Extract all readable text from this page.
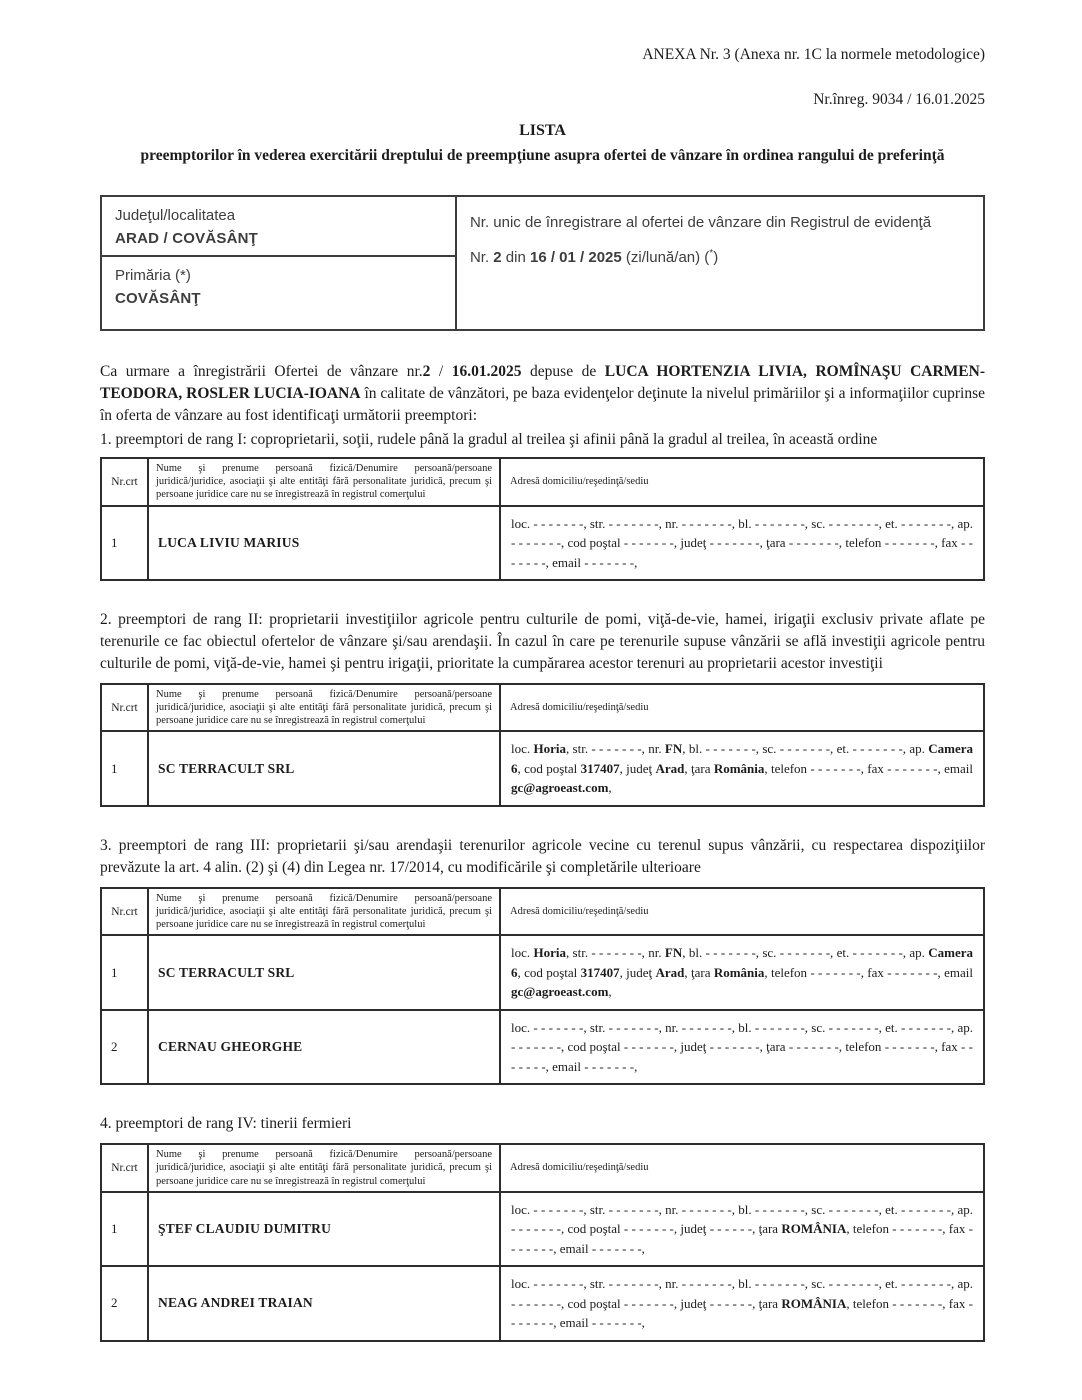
ANEXA Nr. 3 (Anexa nr. 1C la normele metodologice)

Nr.înreg. 9034 / 16.01.2025

LISTA

preemptorilor în vederea exercitării dreptului de preempţiune asupra ofertei de vânzare în ordinea rangului de preferinţă

Judeţul/localitatea
ARAD / COVĂSÂNŢ

Nr. unic de înregistrare al ofertei de vânzare din Registrul de evidenţă

Nr. 2 din 16 / 01 / 2025 (zi/lună/an) (*)

Primăria (*)
COVĂSÂNŢ

Ca urmare a înregistrării Ofertei de vânzare nr.2 / 16.01.2025 depuse de LUCA HORTENZIA LIVIA, ROMÎNAŞU CARMEN-TEODORA, ROSLER LUCIA-IOANA în calitate de vânzători, pe baza evidenţelor deţinute la nivelul primăriilor şi a informaţiilor cuprinse în oferta de vânzare au fost identificaţi următorii preemptori:

1. preemptori de rang I: coproprietarii, soţii, rudele până la gradul al treilea şi afinii până la gradul al treilea, în această ordine

Nr.crt	Nume şi prenume persoană fizică/Denumire persoană/persoane juridică/juridice, asociaţii şi alte entităţi fără personalitate juridică, precum şi persoane juridice care nu se înregistrează în registrul comerţului	Adresă domiciliu/reşedinţă/sediu
1	LUCA LIVIU MARIUS	loc. - - - - - - -, str. - - - - - - -, nr. - - - - - - -, bl. - - - - - - -, sc. - - - - - - -, et. - - - - - - -, ap. - - - - - - -, cod poştal - - - - - - -, judeţ - - - - - - -, ţara - - - - - - -, telefon - - - - - - -, fax - - - - - - -, email - - - - - - -,

2. preemptori de rang II: proprietarii investiţiilor agricole pentru culturile de pomi, viţă-de-vie, hamei, irigaţii exclusiv private aflate pe terenurile ce fac obiectul ofertelor de vânzare şi/sau arendaşii. În cazul în care pe terenurile supuse vânzării se află investiţii agricole pentru culturile de pomi, viţă-de-vie, hamei şi pentru irigaţii, prioritate la cumpărarea acestor terenuri au proprietarii acestor investiţii

Nr.crt	Nume şi prenume persoană fizică/Denumire persoană/persoane juridică/juridice, asociaţii şi alte entităţi fără personalitate juridică, precum şi persoane juridice care nu se înregistrează în registrul comerţului	Adresă domiciliu/reşedinţă/sediu
1	SC TERRACULT SRL	loc. Horia, str. - - - - - - -, nr. FN, bl. - - - - - - -, sc. - - - - - - -, et. - - - - - - -, ap. Camera 6, cod poştal 317407, judeţ Arad, ţara România, telefon - - - - - - -, fax - - - - - - -, email gc@agroeast.com,

3. preemptori de rang III: proprietarii şi/sau arendaşii terenurilor agricole vecine cu terenul supus vânzării, cu respectarea dispoziţiilor prevăzute la art. 4 alin. (2) şi (4) din Legea nr. 17/2014, cu modificările şi completările ulterioare

Nr.crt	Nume şi prenume persoană fizică/Denumire persoană/persoane juridică/juridice, asociaţii şi alte entităţi fără personalitate juridică, precum şi persoane juridice care nu se înregistrează în registrul comerţului	Adresă domiciliu/reşedinţă/sediu
1	SC TERRACULT SRL	loc. Horia, str. - - - - - - -, nr. FN, bl. - - - - - - -, sc. - - - - - - -, et. - - - - - - -, ap. Camera 6, cod poştal 317407, judeţ Arad, ţara România, telefon - - - - - - -, fax - - - - - - -, email gc@agroeast.com,
2	CERNAU GHEORGHE	loc. - - - - - - -, str. - - - - - - -, nr. - - - - - - -, bl. - - - - - - -, sc. - - - - - - -, et. - - - - - - -, ap. - - - - - - -, cod poştal - - - - - - -, judeţ - - - - - - -, ţara - - - - - - -, telefon - - - - - - -, fax - - - - - - -, email - - - - - - -,

4. preemptori de rang IV: tinerii fermieri

Nr.crt	Nume şi prenume persoană fizică/Denumire persoană/persoane juridică/juridice, asociaţii şi alte entităţi fără personalitate juridică, precum şi persoane juridice care nu se înregistrează în registrul comerţului	Adresă domiciliu/reşedinţă/sediu
1	ŞTEF CLAUDIU DUMITRU	loc. - - - - - - -, str. - - - - - - -, nr. - - - - - - -, bl. - - - - - - -, sc. - - - - - - -, et. - - - - - - -, ap. - - - - - - -, cod poştal - - - - - - -, judeţ - - - - - -, ţara ROMÂNIA, telefon - - - - - - -, fax - - - - - - -, email - - - - - - -,
2	NEAG ANDREI TRAIAN	loc. - - - - - - -, str. - - - - - - -, nr. - - - - - - -, bl. - - - - - - -, sc. - - - - - - -, et. - - - - - - -, ap. - - - - - - -, cod poştal - - - - - - -, judeţ - - - - - -, ţara ROMÂNIA, telefon - - - - - - -, fax - - - - - - -, email - - - - - - -,
